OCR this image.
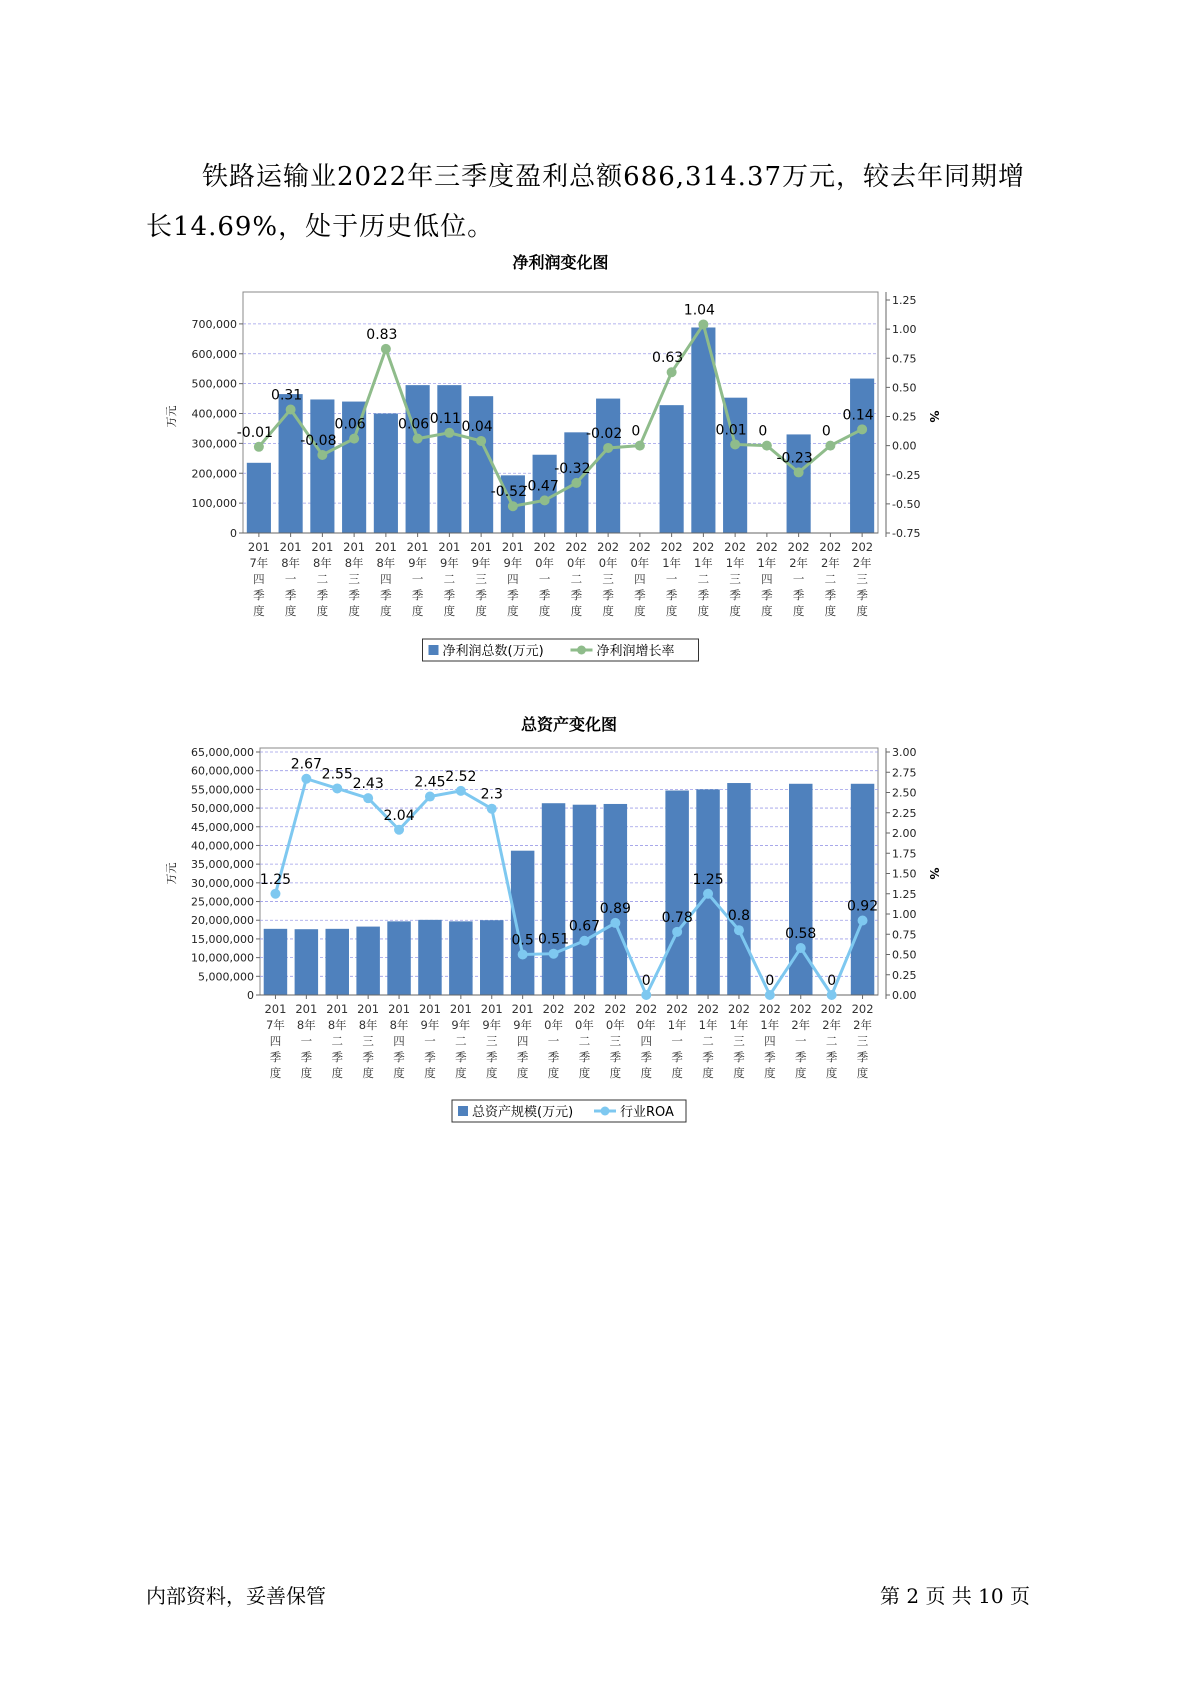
铁路运输业2022年三季度盈利总额686,314.37万元，较去年同期增长14.69%，处于历史低位。

净利润变化图
0
100,000
200,000
300,000
400,000
500,000
600,000
700,000
-0.75
-0.50
-0.25
0.00
0.25
0.50
0.75
1.00
1.25
万元	%
201 7年四季度
201 8年一季度
201 8年二季度
201 8年三季度
201 8年四季度
201 9年一季度
201 9年二季度
201 9年三季度
201 9年四季度
202 0年一季度
202 0年二季度
202 0年三季度
202 0年四季度
202 1年一季度
202 1年二季度
202 1年三季度
202 1年四季度
202 2年一季度
202 2年二季度
202 2年三季度
-0.01
0.31
-0.08
0.06
0.83
0.06 0.11
0.04
-0.52
-0.47
-0.32
-0.02 0
0.63
1.04
0.01 0
-0.23
0
0.14
净利润总数(万元)	净利润增长率
总资产变化图
0
5,000,000
10,000,000
15,000,000
20,000,000
25,000,000
30,000,000
35,000,000
40,000,000
45,000,000
50,000,000
55,000,000
60,000,000
65,000,000
0.00
0.25
0.50
0.75
1.00
1.25
1.50
1.75
2.00
2.25
2.50
2.75
3.00
万元	%
201 7年四季度
201 8年一季度
201 8年二季度
201 8年三季度
201 8年四季度
201 9年一季度
201 9年二季度
201 9年三季度
201 9年四季度
202 0年一季度
202 0年二季度
202 0年三季度
202 0年四季度
202 1年一季度
202 1年二季度
202 1年三季度
202 1年四季度
202 2年一季度
202 2年二季度
202 2年三季度
1.25
2.67
2.55
2.43
2.04
2.45 2.52
2.3
0.5 0.51
0.67
0.89
0
0.78
1.25
0.8
0
0.58
0
0.92
总资产规模(万元)	行业ROA
内部资料，妥善保管	第 2 页 共 10 页
